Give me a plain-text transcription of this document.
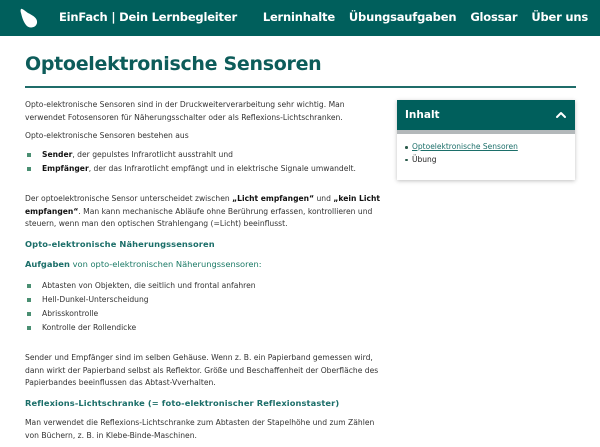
EinFach | Dein Lernbegleiter Lerninhalte Übungsaufgaben Glossar Über uns
Optoelektronische Sensoren

Opto-elektronische Sensoren sind in der Druckweiterverarbeitung sehr wichtig. Man verwendet Fotosensoren für Näherungsschalter oder als Reflexions-Lichtschranken.

Opto-elektronische Sensoren bestehen aus

Sender, der gepulstes Infrarotlicht ausstrahlt und
Empfänger, der das Infrarotlicht empfängt und in elektrische Signale umwandelt.

Der optoelektronische Sensor unterscheidet zwischen „Licht empfangen“ und „kein Licht empfangen“. Man kann mechanische Abläufe ohne Berührung erfassen, kontrollieren und steuern, wenn man den optischen Strahlengang (=Licht) beeinflusst.

Opto-elektronische Näherungssensoren
Aufgaben von opto-elektronischen Näherungssensoren:
Abtasten von Objekten, die seitlich und frontal anfahren
Hell-Dunkel-Unterscheidung
Abrisskontrolle
Kontrolle der Rollendicke

Sender und Empfänger sind im selben Gehäuse. Wenn z. B. ein Papierband gemessen wird, dann wirkt der Papierband selbst als Reflektor. Größe und Beschaffenheit der Oberfläche des Papierbandes beeinflussen das Abtast-Vverhalten.

Reflexions-Lichtschranke (= foto-elektronischer Reflexionstaster)

Man verwendet die Reflexions-Lichtschranke zum Abtasten der Stapelhöhe und zum Zählen von Büchern, z. B. in Klebe-Binde-Maschinen.

Inhalt
Optoelektronische Sensoren
Übung
